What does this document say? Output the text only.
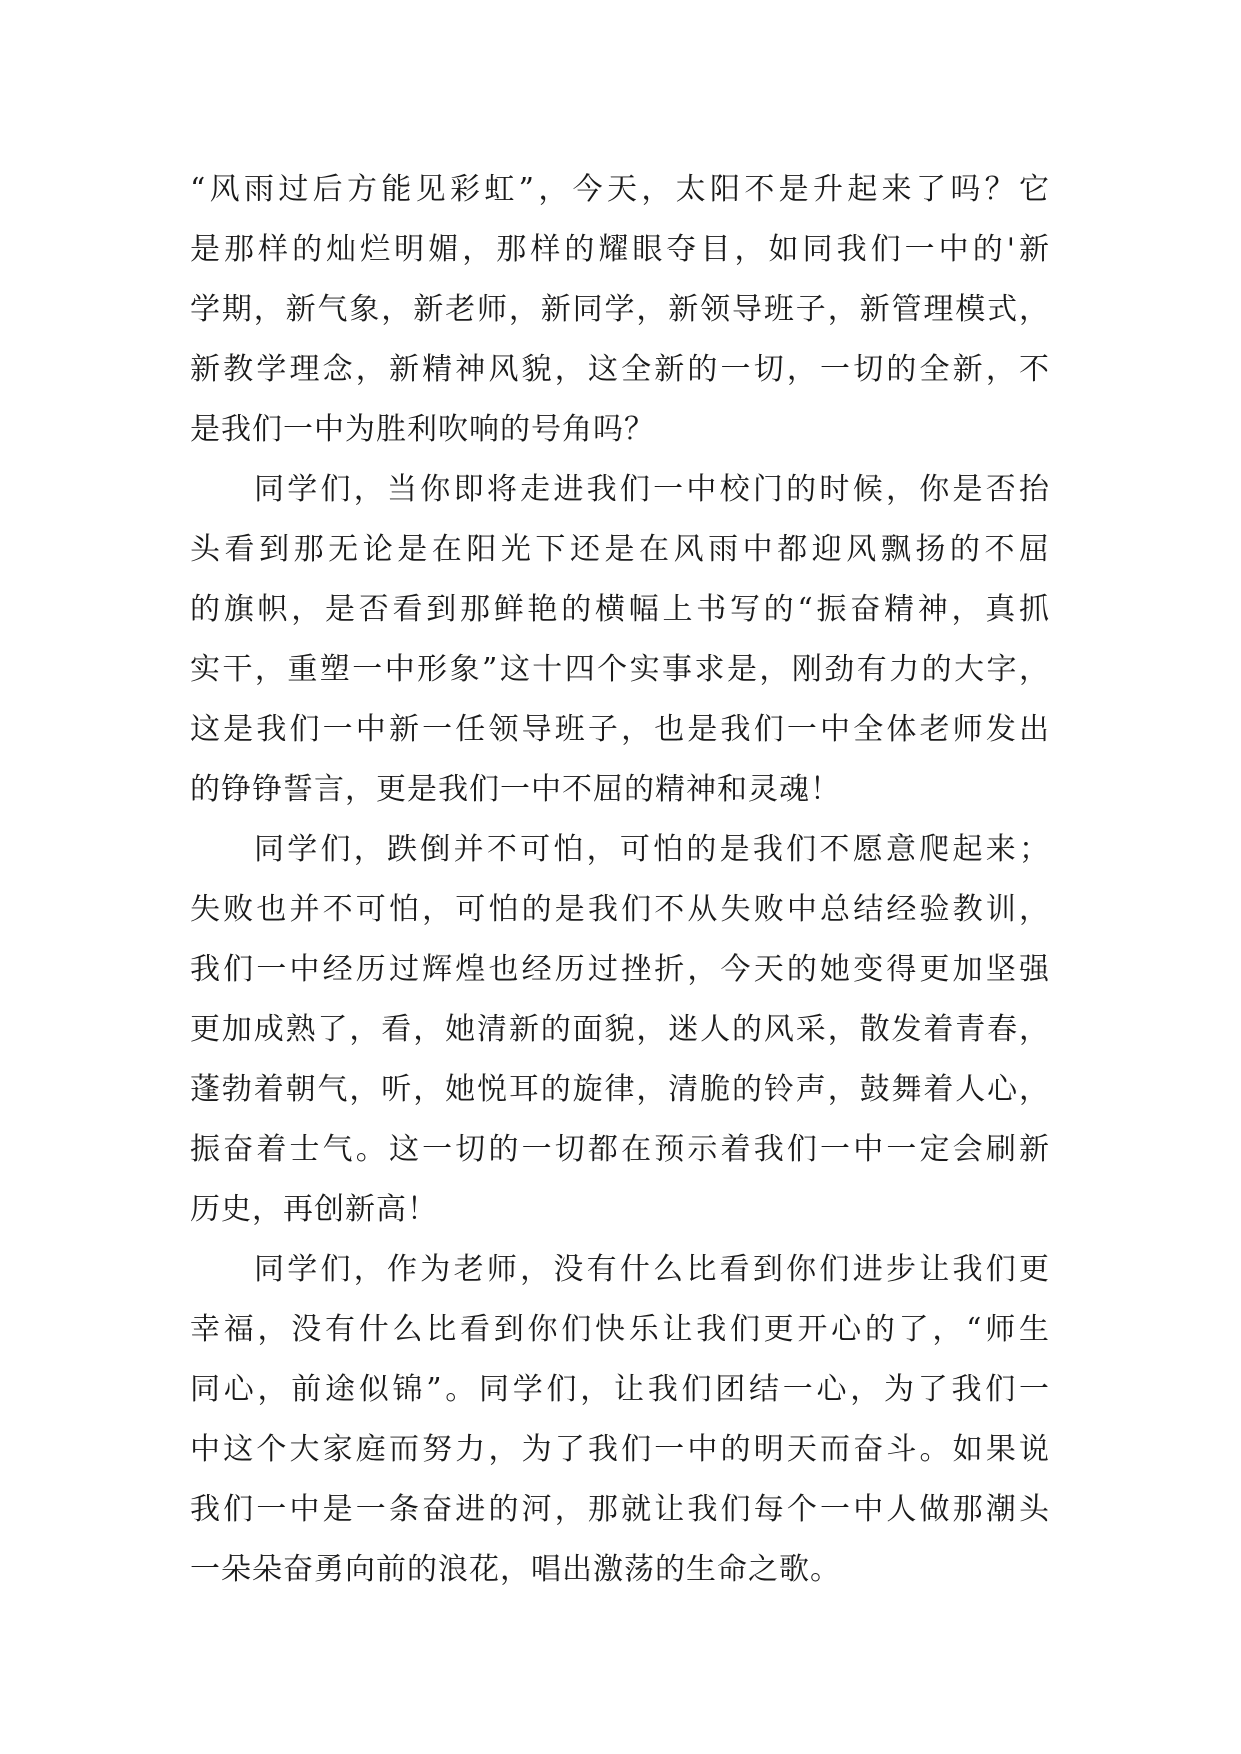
“风雨过后方能见彩虹”，今天，太阳不是升起来了吗？它
是那样的灿烂明媚，那样的耀眼夺目，如同我们一中的'新
学期，新气象，新老师，新同学，新领导班子，新管理模式，
新教学理念，新精神风貌，这全新的一切，一切的全新，不
是我们一中为胜利吹响的号角吗？
同学们，当你即将走进我们一中校门的时候，你是否抬
头看到那无论是在阳光下还是在风雨中都迎风飘扬的不屈
的旗帜，是否看到那鲜艳的横幅上书写的“振奋精神，真抓
实干，重塑一中形象”这十四个实事求是，刚劲有力的大字，
这是我们一中新一任领导班子，也是我们一中全体老师发出
的铮铮誓言，更是我们一中不屈的精神和灵魂！
同学们，跌倒并不可怕，可怕的是我们不愿意爬起来；
失败也并不可怕，可怕的是我们不从失败中总结经验教训，
我们一中经历过辉煌也经历过挫折，今天的她变得更加坚强
更加成熟了，看，她清新的面貌，迷人的风采，散发着青春，
蓬勃着朝气，听，她悦耳的旋律，清脆的铃声，鼓舞着人心，
振奋着士气。这一切的一切都在预示着我们一中一定会刷新
历史，再创新高！
同学们，作为老师，没有什么比看到你们进步让我们更
幸福，没有什么比看到你们快乐让我们更开心的了，“师生
同心，前途似锦”。同学们，让我们团结一心，为了我们一
中这个大家庭而努力，为了我们一中的明天而奋斗。如果说
我们一中是一条奋进的河，那就让我们每个一中人做那潮头
一朵朵奋勇向前的浪花，唱出激荡的生命之歌。
